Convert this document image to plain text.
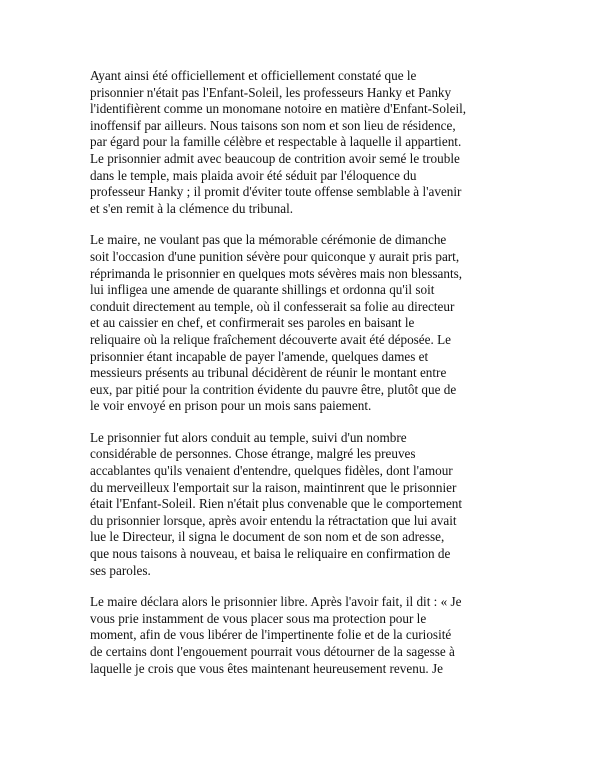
Ayant ainsi été officiellement et officiellement constaté que le
prisonnier n'était pas l'Enfant-Soleil, les professeurs Hanky et Panky
l'identifièrent comme un monomane notoire en matière d'Enfant-Soleil,
inoffensif par ailleurs. Nous taisons son nom et son lieu de résidence,
par égard pour la famille célèbre et respectable à laquelle il appartient.
Le prisonnier admit avec beaucoup de contrition avoir semé le trouble
dans le temple, mais plaida avoir été séduit par l'éloquence du
professeur Hanky ; il promit d'éviter toute offense semblable à l'avenir
et s'en remit à la clémence du tribunal.

Le maire, ne voulant pas que la mémorable cérémonie de dimanche
soit l'occasion d'une punition sévère pour quiconque y aurait pris part,
réprimanda le prisonnier en quelques mots sévères mais non blessants,
lui infligea une amende de quarante shillings et ordonna qu'il soit
conduit directement au temple, où il confesserait sa folie au directeur
et au caissier en chef, et confirmerait ses paroles en baisant le
reliquaire où la relique fraîchement découverte avait été déposée. Le
prisonnier étant incapable de payer l'amende, quelques dames et
messieurs présents au tribunal décidèrent de réunir le montant entre
eux, par pitié pour la contrition évidente du pauvre être, plutôt que de
le voir envoyé en prison pour un mois sans paiement.

Le prisonnier fut alors conduit au temple, suivi d'un nombre
considérable de personnes. Chose étrange, malgré les preuves
accablantes qu'ils venaient d'entendre, quelques fidèles, dont l'amour
du merveilleux l'emportait sur la raison, maintinrent que le prisonnier
était l'Enfant-Soleil. Rien n'était plus convenable que le comportement
du prisonnier lorsque, après avoir entendu la rétractation que lui avait
lue le Directeur, il signa le document de son nom et de son adresse,
que nous taisons à nouveau, et baisa le reliquaire en confirmation de
ses paroles.

Le maire déclara alors le prisonnier libre. Après l'avoir fait, il dit : « Je
vous prie instamment de vous placer sous ma protection pour le
moment, afin de vous libérer de l'impertinente folie et de la curiosité
de certains dont l'engouement pourrait vous détourner de la sagesse à
laquelle je crois que vous êtes maintenant heureusement revenu. Je
